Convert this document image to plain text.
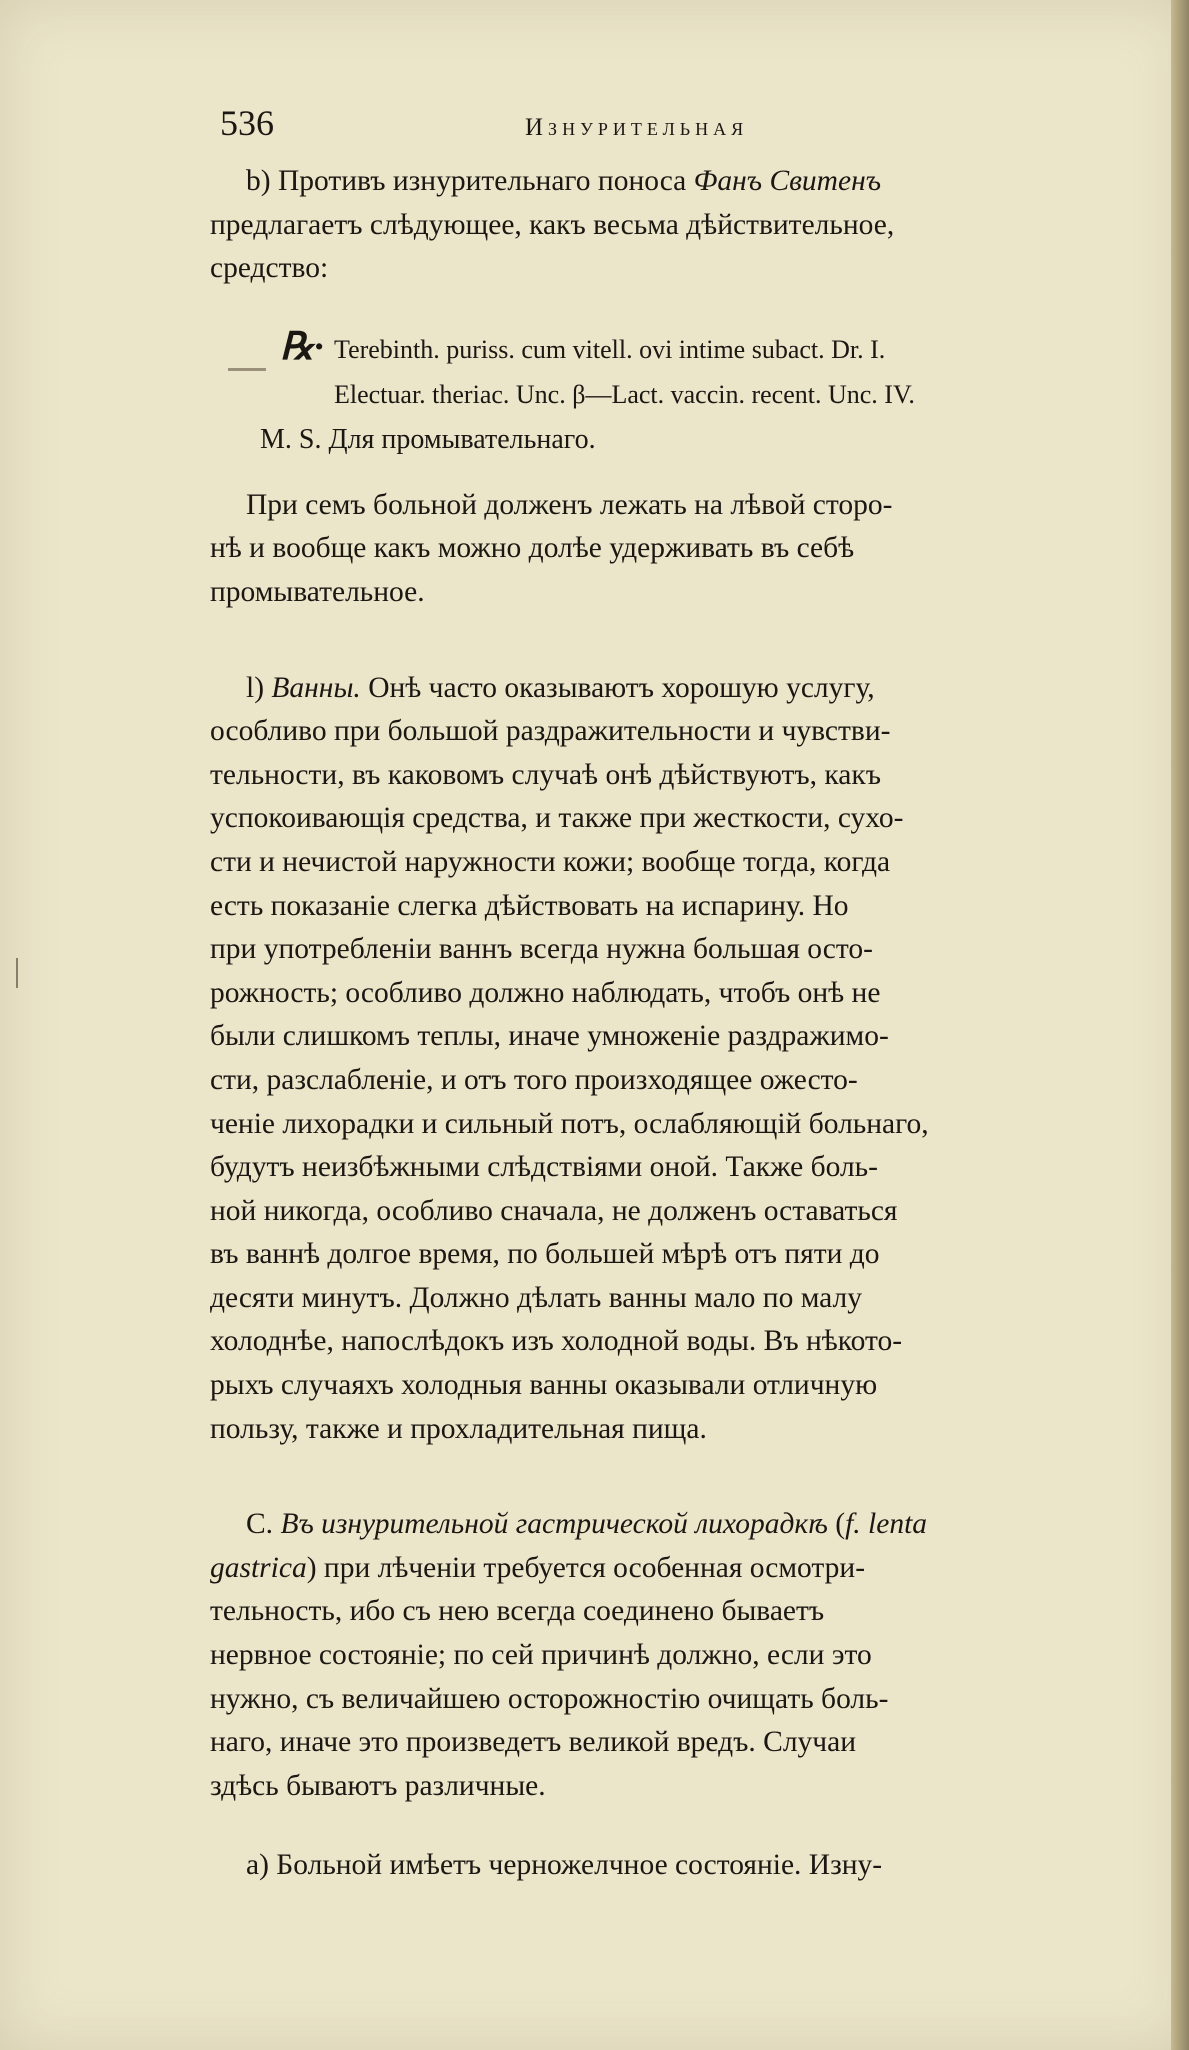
536	Изнурительная
b) Противъ изнурительнаго поноса Фанъ Свитенъ
предлагаетъ слѣдующее, какъ весьма дѣйствительное,
средство:
℞· Terebinth. puriss. cum vitell. ovi intime subact. Dr. I.
Electuar. theriac. Unc. β—Lact. vaccin. recent. Unc. IV.
M. S. Для промывательнаго.
При семъ больной долженъ лежать на лѣвой сторо-
нѣ и вообще какъ можно долѣе удерживать въ себѣ
промывательное.
l) Ванны. Онѣ часто оказываютъ хорошую услугу,
особливо при большой раздражительности и чувстви-
тельности, въ каковомъ случаѣ онѣ дѣйствуютъ, какъ
успокоивающія средства, и также при жесткости, сухо-
сти и нечистой наружности кожи; вообще тогда, когда
есть показаніе слегка дѣйствовать на испарину. Но
при употребленіи ваннъ всегда нужна большая осто-
рожность; особливо должно наблюдать, чтобъ онѣ не
были слишкомъ теплы, иначе умноженіе раздражимо-
сти, разслабленіе, и отъ того произходящее ожесто-
ченіе лихорадки и сильный потъ, ослабляющій больнаго,
будутъ неизбѣжными слѣдствіями оной. Также боль-
ной никогда, особливо сначала, не долженъ оставаться
въ ваннѣ долгое время, по большей мѣрѣ отъ пяти до
десяти минутъ. Должно дѣлать ванны мало по малу
холоднѣе, напослѣдокъ изъ холодной воды. Въ нѣкото-
рыхъ случаяхъ холодныя ванны оказывали отличную
пользу, также и прохладительная пища.
C. Въ изнурительной гастрической лихорадкѣ (f. lenta
gastrica) при лѣченіи требуется особенная осмотри-
тельность, ибо съ нею всегда соединено бываетъ
нервное состояніе; по сей причинѣ должно, если это
нужно, съ величайшею осторожностію очищать боль-
наго, иначе это произведетъ великой вредъ. Случаи
здѣсь бываютъ различные.
a) Больной имѣетъ черножелчное состояніе. Изну-
